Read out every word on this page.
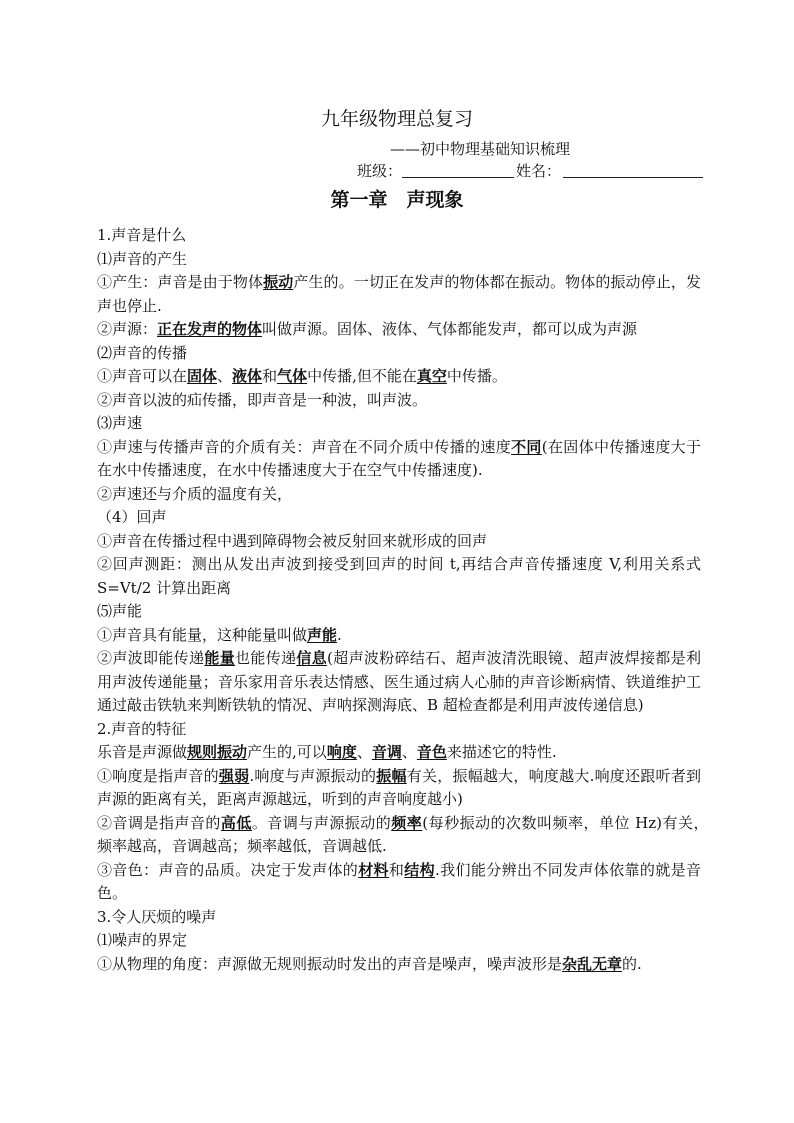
九年级物理总复习
——初中物理基础知识梳理
班级：	姓名：
第一章　声现象

1.声音是什么

⑴声音的产生

①产生：声音是由于物体振动产生的。一切正在发声的物体都在振动。物体的振动停止，发声也停止.

②声源：正在发声的物体叫做声源。固体、液体、气体都能发声，都可以成为声源

⑵声音的传播

①声音可以在固体、液体和气体中传播,但不能在真空中传播。

②声音以波的疝传播，即声音是一种波，叫声波。

⑶声速

①声速与传播声音的介质有关：声音在不同介质中传播的速度不同(在固体中传播速度大于在水中传播速度，在水中传播速度大于在空气中传播速度).

②声速还与介质的温度有关，

（4）回声

①声音在传播过程中遇到障碍物会被反射回来就形成的回声

②回声测距：测出从发出声波到接受到回声的时间 t,再结合声音传播速度 V,利用关系式 S=Vt/2 计算出距离

⑸声能

①声音具有能量，这种能量叫做声能.

②声波即能传递能量也能传递信息(超声波粉碎结石、超声波清洗眼镜、超声波焊接都是利用声波传递能量；音乐家用音乐表达情感、医生通过病人心肺的声音诊断病情、铁道维护工通过敲击铁轨来判断铁轨的情况、声呐探测海底、B 超检查都是利用声波传递信息)

2.声音的特征

乐音是声源做规则振动产生的,可以响度、音调、音色来描述它的特性.

①响度是指声音的强弱.响度与声源振动的振幅有关，振幅越大，响度越大.响度还跟听者到声源的距离有关，距离声源越远，听到的声音响度越小)

②音调是指声音的高低。音调与声源振动的频率(每秒振动的次数叫频率，单位 Hz)有关，　频率越高，音调越高；频率越低，音调越低.

③音色：声音的品质。决定于发声体的材料和结构.我们能分辨出不同发声体依靠的就是音色。

3.令人厌烦的噪声

⑴噪声的界定

①从物理的角度：声源做无规则振动时发出的声音是噪声，噪声波形是杂乱无章的.
